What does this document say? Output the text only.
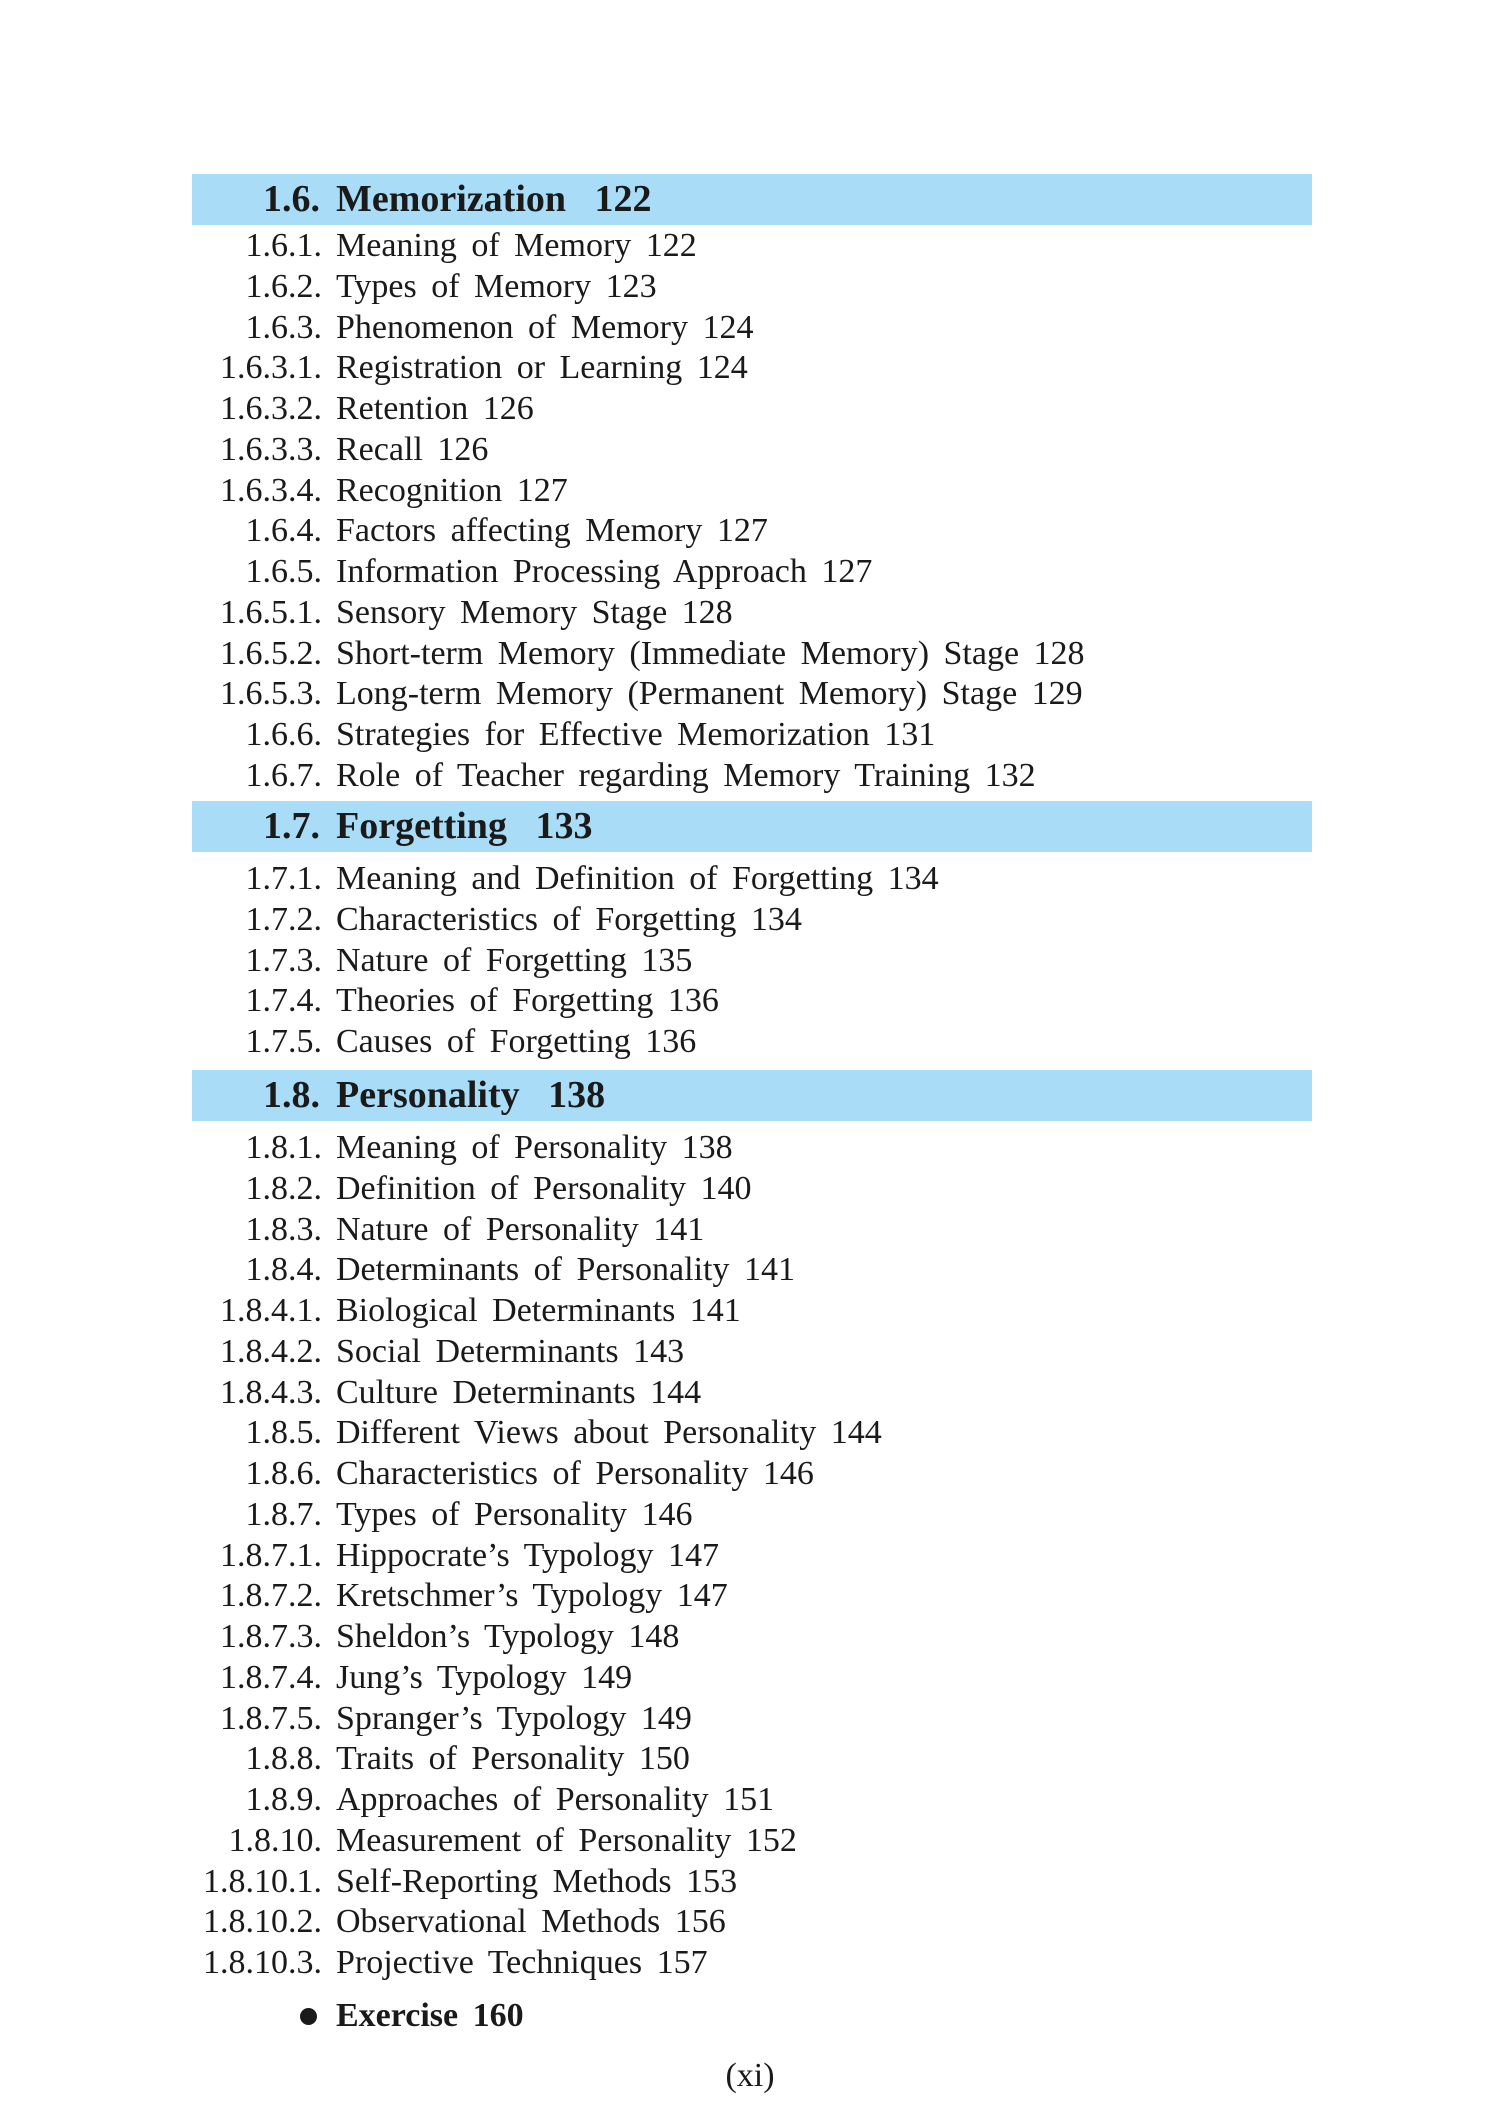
1.6. Memorization   122
1.6.1. Meaning of Memory 122
1.6.2. Types of Memory 123
1.6.3. Phenomenon of Memory 124
1.6.3.1. Registration or Learning 124
1.6.3.2. Retention 126
1.6.3.3. Recall 126
1.6.3.4. Recognition 127
1.6.4. Factors affecting Memory 127
1.6.5. Information Processing Approach 127
1.6.5.1. Sensory Memory Stage 128
1.6.5.2. Short-term Memory (Immediate Memory) Stage 128
1.6.5.3. Long-term Memory (Permanent Memory) Stage 129
1.6.6. Strategies for Effective Memorization 131
1.6.7. Role of Teacher regarding Memory Training 132
1.7. Forgetting   133
1.7.1. Meaning and Definition of Forgetting 134
1.7.2. Characteristics of Forgetting 134
1.7.3. Nature of Forgetting 135
1.7.4. Theories of Forgetting 136
1.7.5. Causes of Forgetting 136
1.8. Personality   138
1.8.1. Meaning of Personality 138
1.8.2. Definition of Personality 140
1.8.3. Nature of Personality 141
1.8.4. Determinants of Personality 141
1.8.4.1. Biological Determinants 141
1.8.4.2. Social Determinants 143
1.8.4.3. Culture Determinants 144
1.8.5. Different Views about Personality 144
1.8.6. Characteristics of Personality 146
1.8.7. Types of Personality 146
1.8.7.1. Hippocrate’s Typology 147
1.8.7.2. Kretschmer’s Typology 147
1.8.7.3. Sheldon’s Typology 148
1.8.7.4. Jung’s Typology 149
1.8.7.5. Spranger’s Typology 149
1.8.8. Traits of Personality 150
1.8.9. Approaches of Personality 151
1.8.10. Measurement of Personality 152
1.8.10.1. Self-Reporting Methods 153
1.8.10.2. Observational Methods 156
1.8.10.3. Projective Techniques 157
Exercise 160
(xi)
